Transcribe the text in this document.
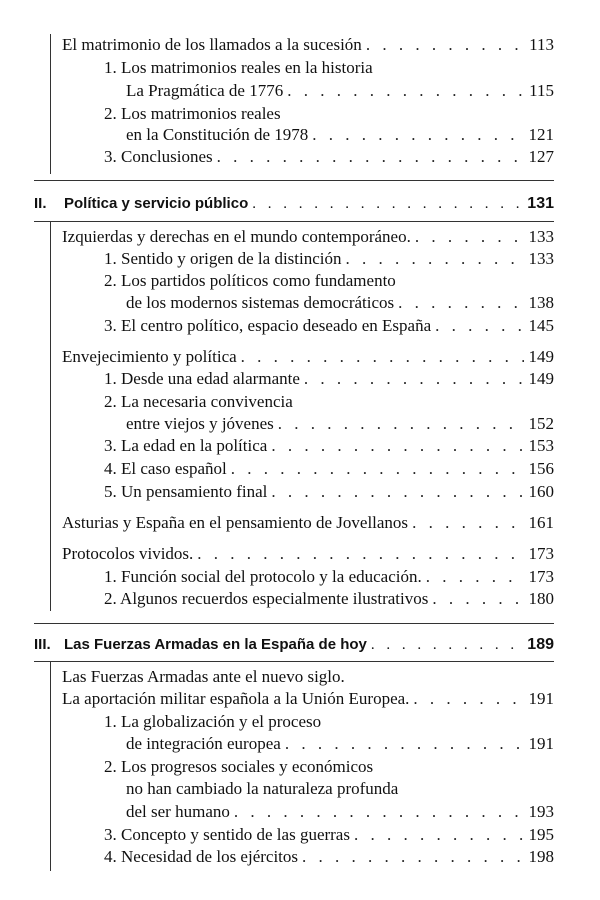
El matrimonio de los llamados a la sucesión . . .	113
1. Los matrimonios reales en la historia
La Pragmática de 1776 . . .	115
2. Los matrimonios reales
en la Constitución de 1978 . . .	121
3. Conclusiones . . .	127
II.	Política y servicio público . . .	131
Izquierdas y derechas en el mundo contemporáneo. . . .	133
1. Sentido y origen de la distinción . . .	133
2. Los partidos políticos como fundamento
de los modernos sistemas democráticos . . .	138
3. El centro político, espacio deseado en España . . .	145
Envejecimiento y política . . .	149
1. Desde una edad alarmante . . .	149
2. La necesaria convivencia
entre viejos y jóvenes . . .	152
3. La edad en la política . . .	153
4. El caso español . . .	156
5. Un pensamiento final . . .	160
Asturias y España en el pensamiento de Jovellanos . . .	161
Protocolos vividos. . . .	173
1. Función social del protocolo y la educación. . . .	173
2. Algunos recuerdos especialmente ilustrativos . . .	180
III. Las Fuerzas Armadas en la España de hoy . . .	189
Las Fuerzas Armadas ante el nuevo siglo.
La aportación militar española a la Unión Europea. . . .	191
1. La globalización y el proceso
de integración europea . . .	191
2. Los progresos sociales y económicos
no han cambiado la naturaleza profunda
del ser humano . . .	193
3. Concepto y sentido de las guerras . . .	195
4. Necesidad de los ejércitos . . .	198
